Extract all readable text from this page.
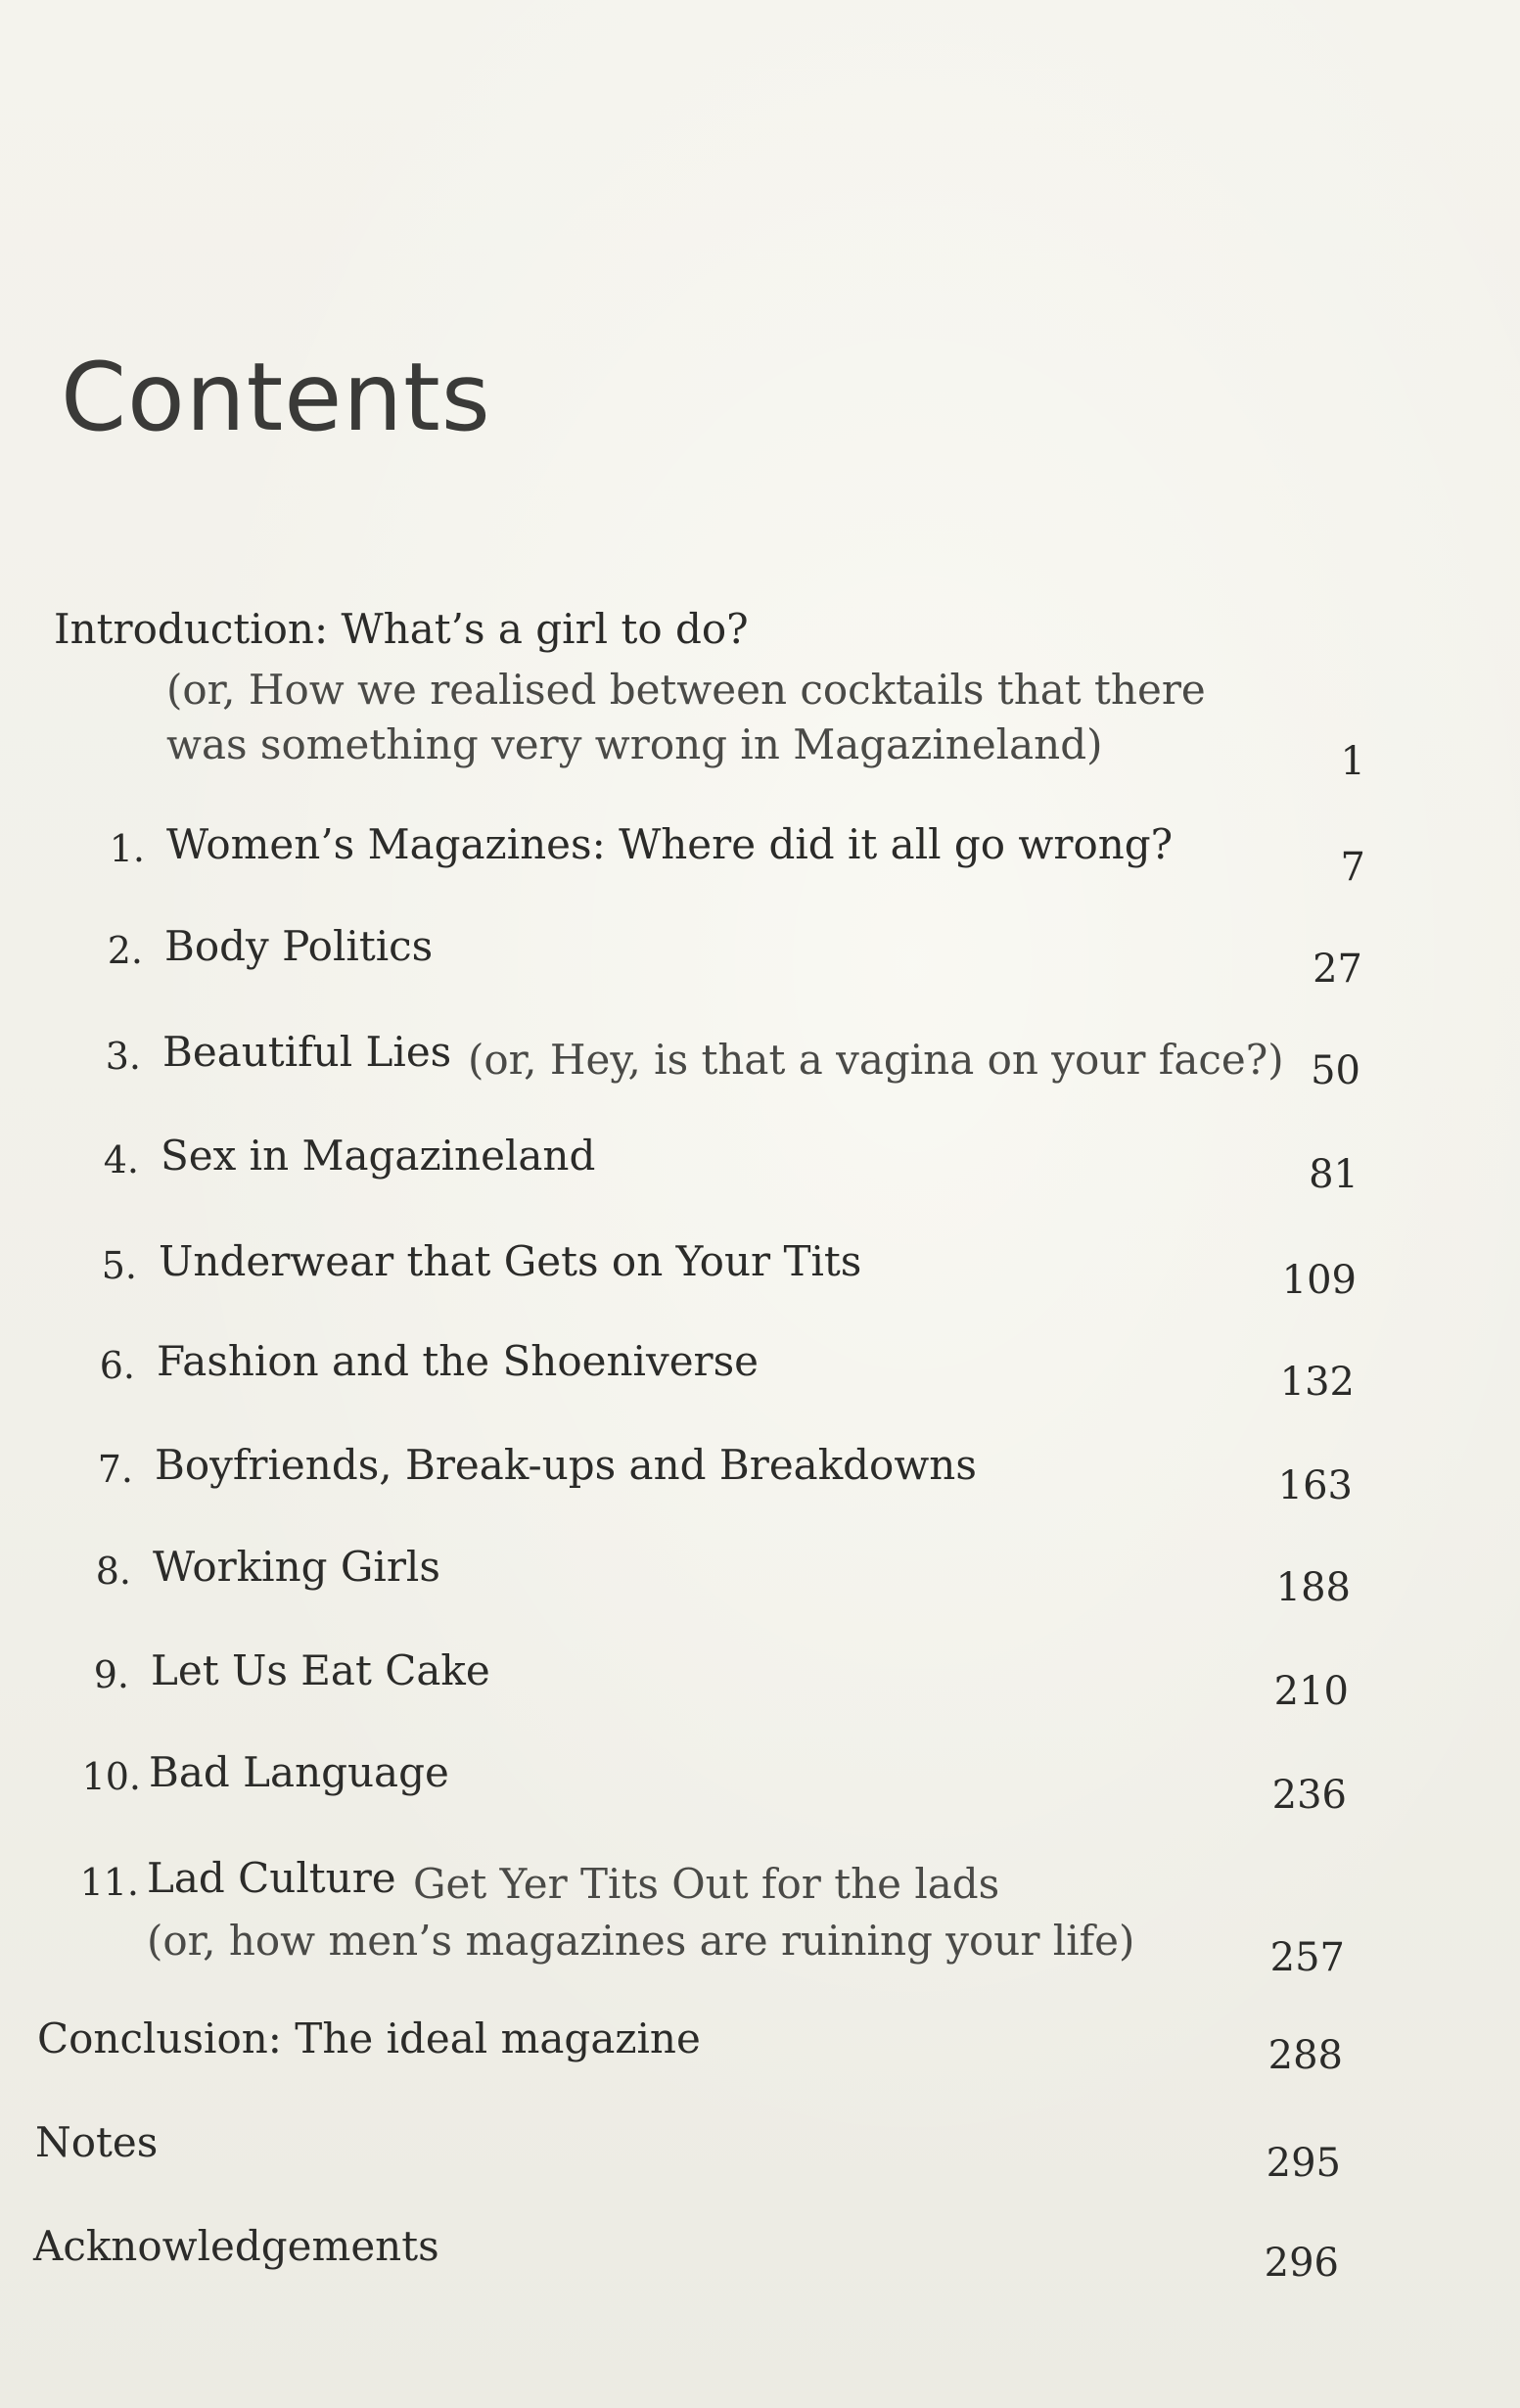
Contents
Introduction: What’s a girl to do?
(or, How we realised between cocktails that there
was something very wrong in Magazineland)	1
1. Women’s Magazines: Where did it all go wrong?	7
2. Body Politics	27
3. Beautiful Lies (or, Hey, is that a vagina on your face?) 50
4. Sex in Magazineland	81
5. Underwear that Gets on Your Tits	109
6. Fashion and the Shoeniverse	132
7. Boyfriends, Break-ups and Breakdowns	163
8. Working Girls	188
9. Let Us Eat Cake	210
10. Bad Language	236
11. Lad Culture Get Yer Tits Out for the lads
(or, how men’s magazines are ruining your life)	257
Conclusion: The ideal magazine	288
Notes	295
Acknowledgements	296
